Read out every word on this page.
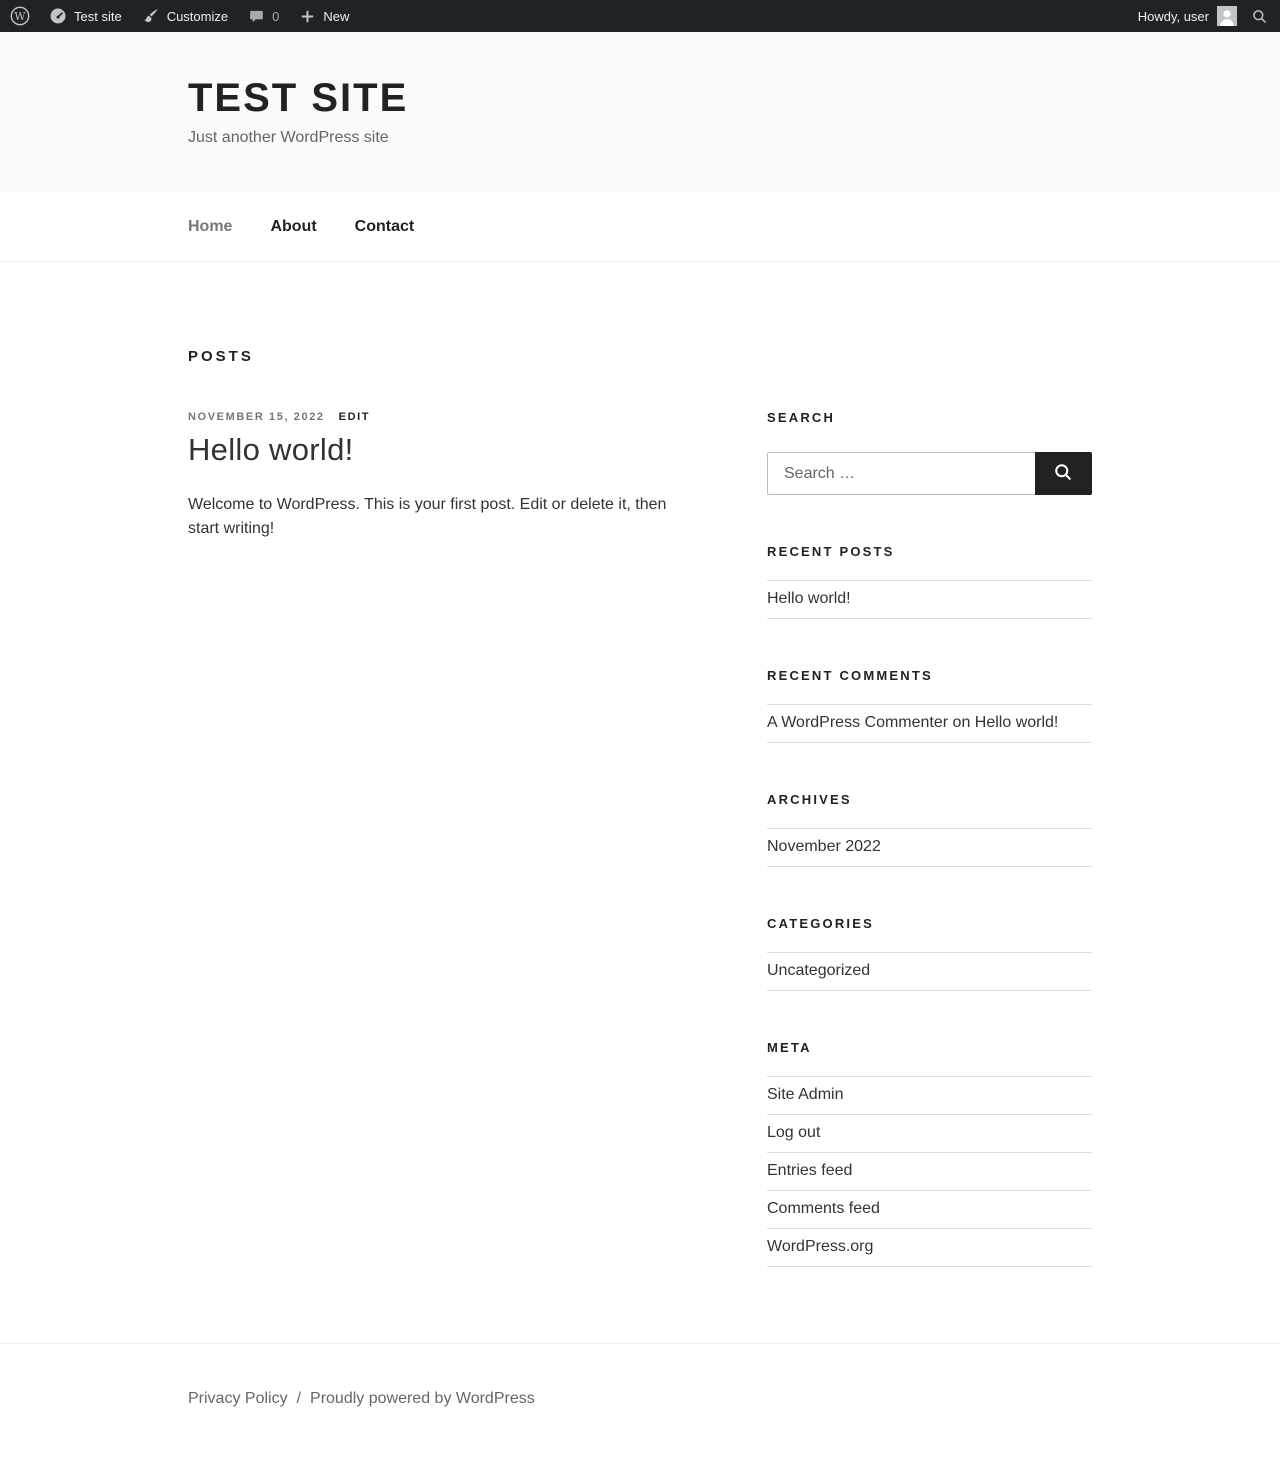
W	Test site	Customize	0	New	Howdy, user
TEST SITE
Just another WordPress site
Home About Contact
POSTS
NOVEMBER 15, 2022 EDIT
Hello world!

Welcome to WordPress. This is your first post. Edit or delete it, then start writing!

SEARCH
Search …
RECENT POSTS
Hello world!
RECENT COMMENTS
A WordPress Commenter on Hello world!
ARCHIVES
November 2022
CATEGORIES
Uncategorized
META
Site Admin
Log out
Entries feed
Comments feed
WordPress.org
Privacy Policy / Proudly powered by WordPress
